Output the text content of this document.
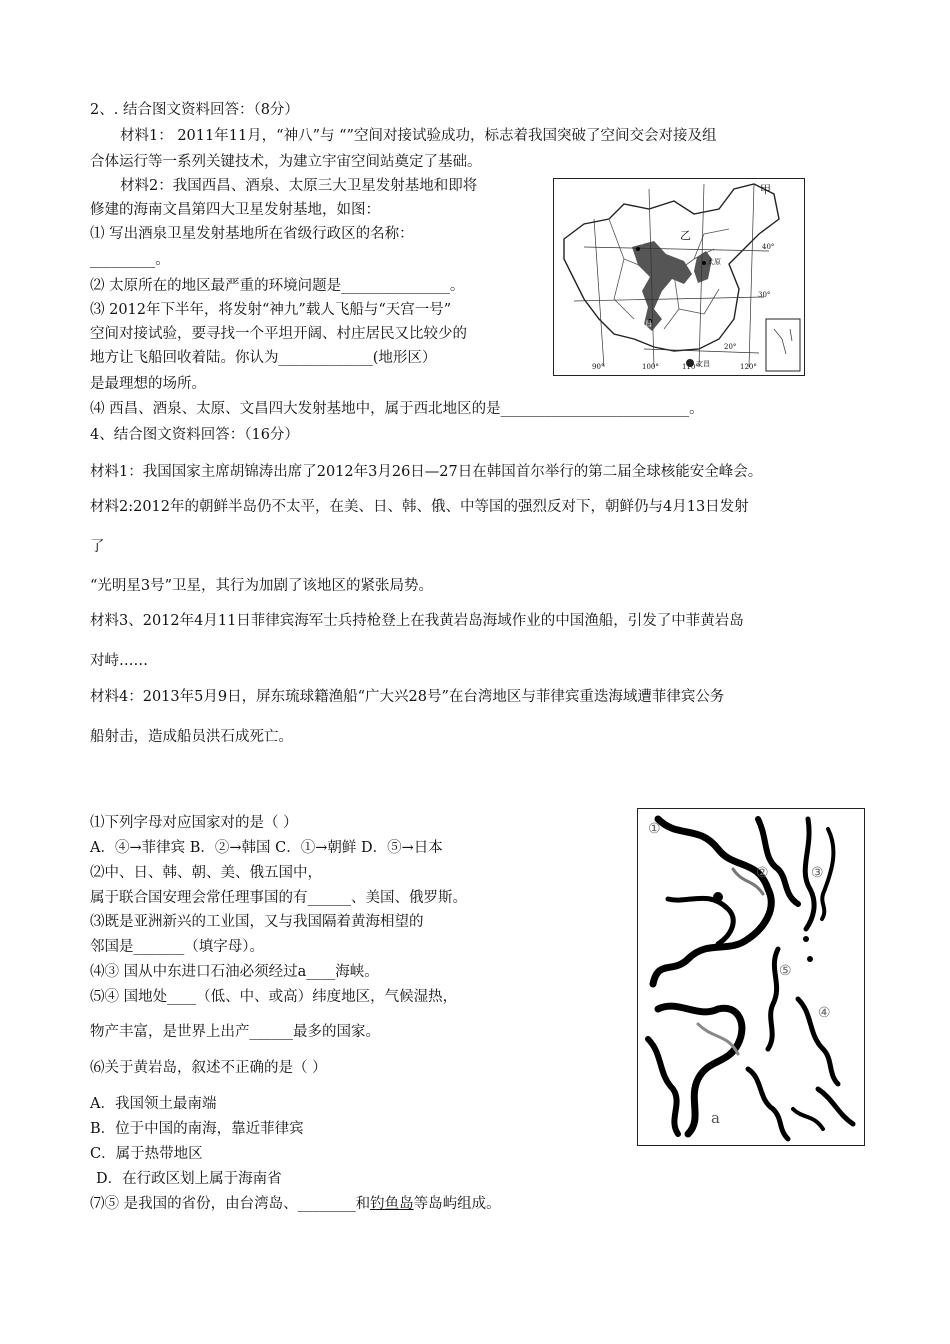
2、. 结合图文资料回答：（8分）
材料1： 2011年11月，“神八”与 “”空间对接试验成功，标志着我国突破了空间交会对接及组
合体运行等一系列关键技术，为建立宇宙空间站奠定了基础。
材料2：我国西昌、酒泉、太原三大卫星发射基地和即将
修建的海南文昌第四大卫星发射基地，如图：
⑴ 写出酒泉卫星发射基地所在省级行政区的名称：
_________。
⑵ 太原所在的地区最严重的环境问题是_______________。
⑶ 2012年下半年，将发射“神九”载人飞船与“天宫一号”
空间对接试验，要寻找一个平坦开阔、村庄居民又比较少的
地方让飞船回收着陆。你认为_____________(地形区）
是最理想的场所。
⑷ 西昌、酒泉、太原、文昌四大发射基地中，属于西北地区的是__________________________。
甲
乙
酒泉
太原
西昌
文昌
40°
30°
20°
90°	100°	110°	120°
4、结合图文资料回答：（16分）
材料1：我国国家主席胡锦涛出席了2012年3月26日—27日在韩国首尔举行的第二届全球核能安全峰会。
材料2:2012年的朝鲜半岛仍不太平，在美、日、韩、俄、中等国的强烈反对下，朝鲜仍与4月13日发射
了
“光明星3号”卫星，其行为加剧了该地区的紧张局势。
材料3、2012年4月11日菲律宾海军士兵持枪登上在我黄岩岛海域作业的中国渔船，引发了中菲黄岩岛
对峙……
材料4：2013年5月9日，屏东琉球籍渔船“广大兴28号”在台湾地区与菲律宾重迭海域遭菲律宾公务
船射击，造成船员洪石成死亡。
⑴下列字母对应国家对的是（ ）
A．④→菲律宾 B．②→韩国 C．①→朝鲜 D．⑤→日本
⑵中、日、韩、朝、美、俄五国中，
属于联合国安理会常任理事国的有______、美国、俄罗斯。
⑶既是亚洲新兴的工业国，又与我国隔着黄海相望的
邻国是_______（填字母）。
⑷③ 国从中东进口石油必须经过a____海峡。
⑸④ 国地处____（低、中、或高）纬度地区，气候湿热，
物产丰富，是世界上出产______最多的国家。
⑹关于黄岩岛，叙述不正确的是（ ）
A．我国领土最南端
B．位于中国的南海，靠近菲律宾
C．属于热带地区
D．在行政区划上属于海南省
⑺⑤ 是我国的省份，由台湾岛、________和钓鱼岛等岛屿组成。
①
②	③
④
⑤
a
